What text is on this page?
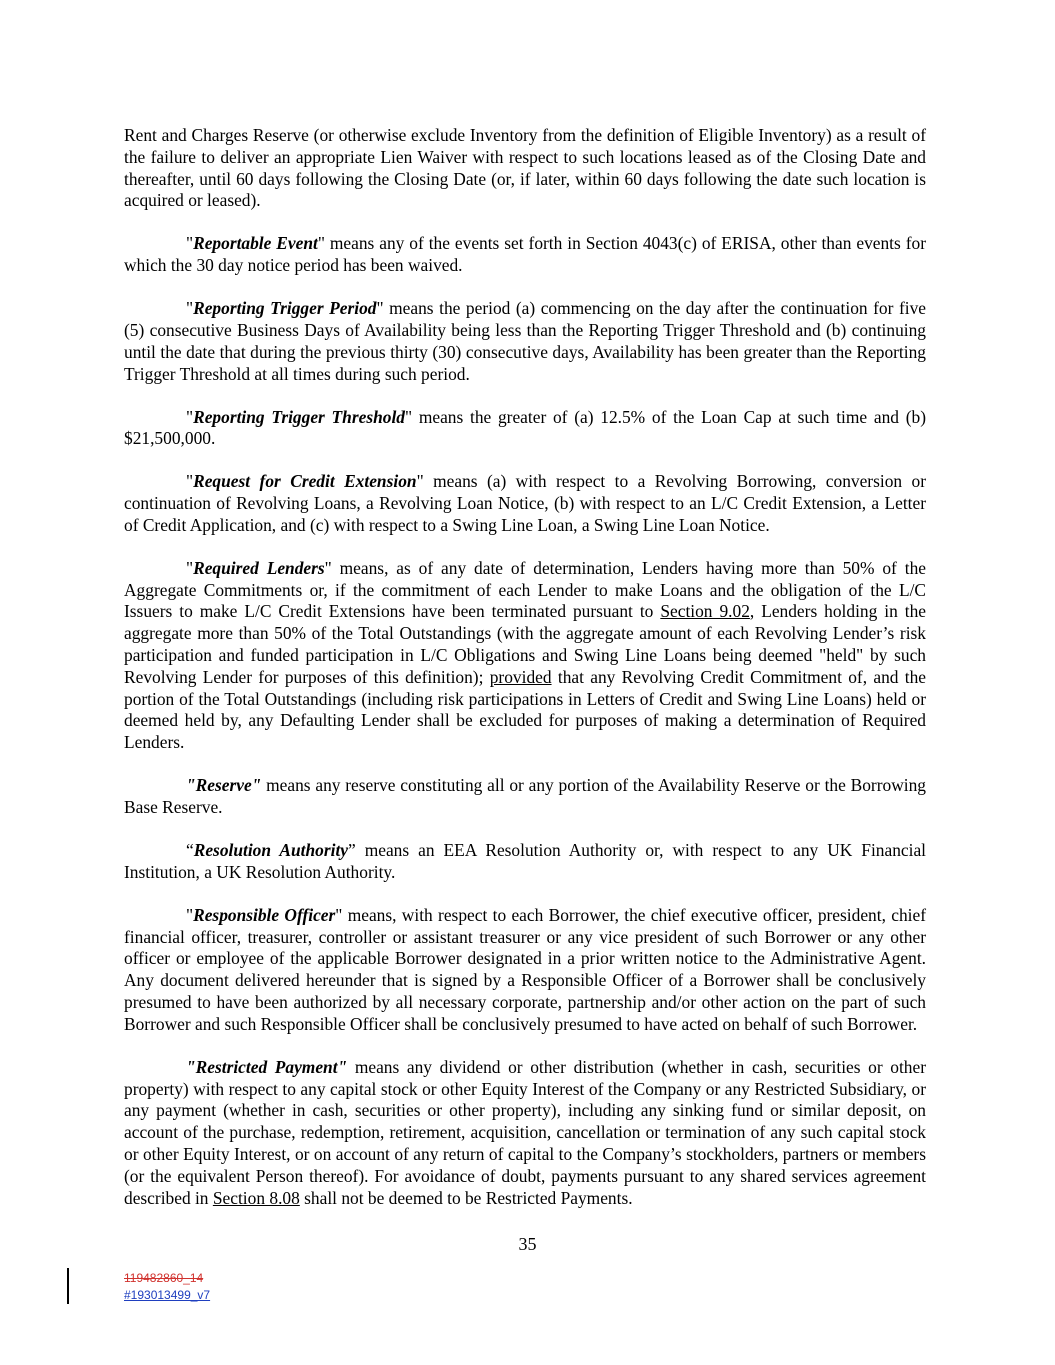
Rent and Charges Reserve (or otherwise exclude Inventory from the definition of Eligible Inventory) as a result of the failure to deliver an appropriate Lien Waiver with respect to such locations leased as of the Closing Date and thereafter, until 60 days following the Closing Date (or, if later, within 60 days following the date such location is acquired or leased).

"Reportable Event" means any of the events set forth in Section 4043(c) of ERISA, other than events for which the 30 day notice period has been waived.

"Reporting Trigger Period" means the period (a) commencing on the day after the continuation for five (5) consecutive Business Days of Availability being less than the Reporting Trigger Threshold and (b) continuing until the date that during the previous thirty (30) consecutive days, Availability has been greater than the Reporting Trigger Threshold at all times during such period.

"Reporting Trigger Threshold" means the greater of (a) 12.5% of the Loan Cap at such time and (b) $21,500,000.

"Request for Credit Extension" means (a) with respect to a Revolving Borrowing, conversion or continuation of Revolving Loans, a Revolving Loan Notice, (b) with respect to an L/C Credit Extension, a Letter of Credit Application, and (c) with respect to a Swing Line Loan, a Swing Line Loan Notice.

"Required Lenders" means, as of any date of determination, Lenders having more than 50% of the Aggregate Commitments or, if the commitment of each Lender to make Loans and the obligation of the L/C Issuers to make L/C Credit Extensions have been terminated pursuant to Section 9.02, Lenders holding in the aggregate more than 50% of the Total Outstandings (with the aggregate amount of each Revolving Lender’s risk participation and funded participation in L/C Obligations and Swing Line Loans being deemed "held" by such Revolving Lender for purposes of this definition); provided that any Revolving Credit Commitment of, and the portion of the Total Outstandings (including risk participations in Letters of Credit and Swing Line Loans) held or deemed held by, any Defaulting Lender shall be excluded for purposes of making a determination of Required Lenders.

"Reserve" means any reserve constituting all or any portion of the Availability Reserve or the Borrowing Base Reserve.

“Resolution Authority” means an EEA Resolution Authority or, with respect to any UK Financial Institution, a UK Resolution Authority.

"Responsible Officer" means, with respect to each Borrower, the chief executive officer, president, chief financial officer, treasurer, controller or assistant treasurer or any vice president of such Borrower or any other officer or employee of the applicable Borrower designated in a prior written notice to the Administrative Agent. Any document delivered hereunder that is signed by a Responsible Officer of a Borrower shall be conclusively presumed to have been authorized by all necessary corporate, partnership and/or other action on the part of such Borrower and such Responsible Officer shall be conclusively presumed to have acted on behalf of such Borrower.

"Restricted Payment" means any dividend or other distribution (whether in cash, securities or other property) with respect to any capital stock or other Equity Interest of the Company or any Restricted Subsidiary, or any payment (whether in cash, securities or other property), including any sinking fund or similar deposit, on account of the purchase, redemption, retirement, acquisition, cancellation or termination of any such capital stock or other Equity Interest, or on account of any return of capital to the Company’s stockholders, partners or members (or the equivalent Person thereof). For avoidance of doubt, payments pursuant to any shared services agreement described in Section 8.08 shall not be deemed to be Restricted Payments.

35
119482860_14
#193013499_v7
